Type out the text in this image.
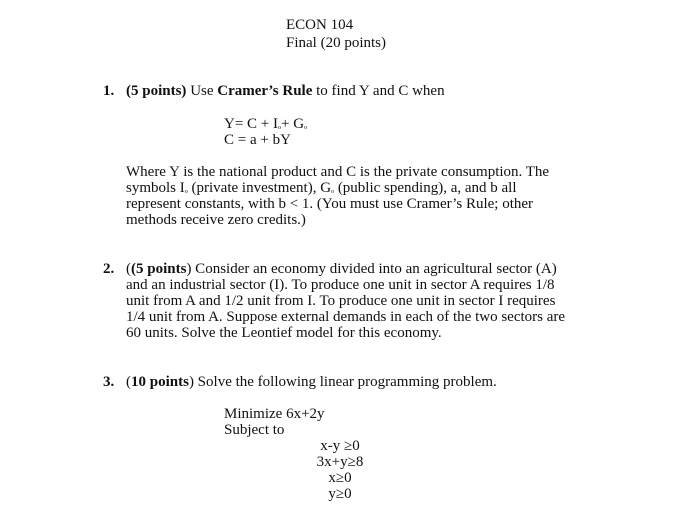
ECON 104
Final (20 points)
1. (5 points) Use Cramer’s Rule to find Y and C when
$Y= C + I_o+ G_o$
C = a + bY
Where Y is the national product and C is the private consumption. The
symbols $I_o$ (private investment), $G_o$ (public spending), a, and b all
represent constants, with b < 1. (You must use Cramer’s Rule; other
methods receive zero credits.)
2. ((5 points) Consider an economy divided into an agricultural sector (A)
and an industrial sector (I). To produce one unit in sector A requires 1/8
unit from A and 1/2 unit from I. To produce one unit in sector I requires
1/4 unit from A. Suppose external demands in each of the two sectors are
60 units. Solve the Leontief model for this economy.
3. (10 points) Solve the following linear programming problem.
Minimize 6x+2y
Subject to
x-y ≥0
3x+y≥8
x≥0
y≥0
